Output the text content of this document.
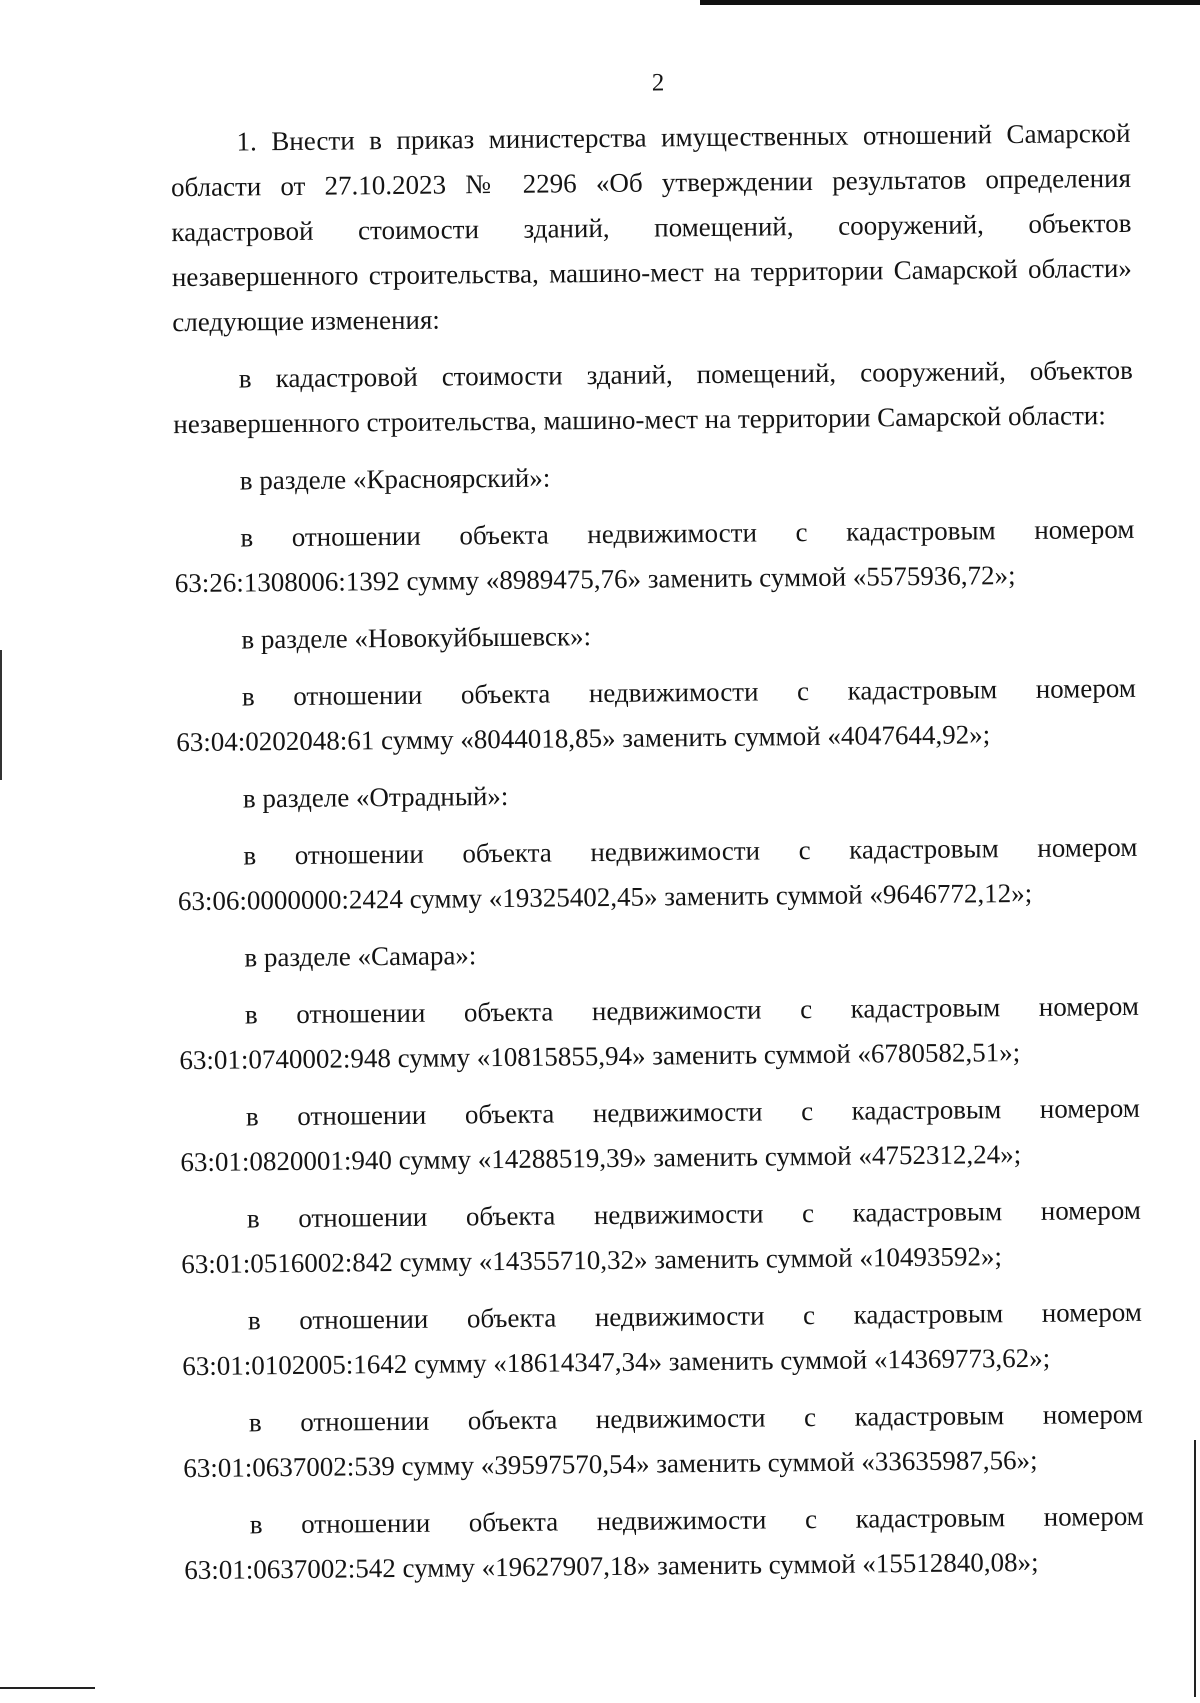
2

1. Внести в приказ министерства имущественных отношений Самарской области от 27.10.2023 № 2296 «Об утверждении результатов определения кадастровой стоимости зданий, помещений, сооружений, объектов незавершенного строительства, машино-мест на территории Самарской области» следующие изменения:

в кадастровой стоимости зданий, помещений, сооружений, объектов незавершенного строительства, машино-мест на территории Самарской области:

в разделе «Красноярский»:

в отношении объекта недвижимости с кадастровым номером
63:26:1308006:1392 сумму «8989475,76» заменить суммой «5575936,72»;

в разделе «Новокуйбышевск»:

в отношении объекта недвижимости с кадастровым номером
63:04:0202048:61 сумму «8044018,85» заменить суммой «4047644,92»;

в разделе «Отрадный»:

в отношении объекта недвижимости с кадастровым номером
63:06:0000000:2424 сумму «19325402,45» заменить суммой «9646772,12»;

в разделе «Самара»:

в отношении объекта недвижимости с кадастровым номером
63:01:0740002:948 сумму «10815855,94» заменить суммой «6780582,51»;
в отношении объекта недвижимости с кадастровым номером
63:01:0820001:940 сумму «14288519,39» заменить суммой «4752312,24»;
в отношении объекта недвижимости с кадастровым номером
63:01:0516002:842 сумму «14355710,32» заменить суммой «10493592»;
в отношении объекта недвижимости с кадастровым номером
63:01:0102005:1642 сумму «18614347,34» заменить суммой «14369773,62»;
в отношении объекта недвижимости с кадастровым номером
63:01:0637002:539 сумму «39597570,54» заменить суммой «33635987,56»;
в отношении объекта недвижимости с кадастровым номером
63:01:0637002:542 сумму «19627907,18» заменить суммой «15512840,08»;
